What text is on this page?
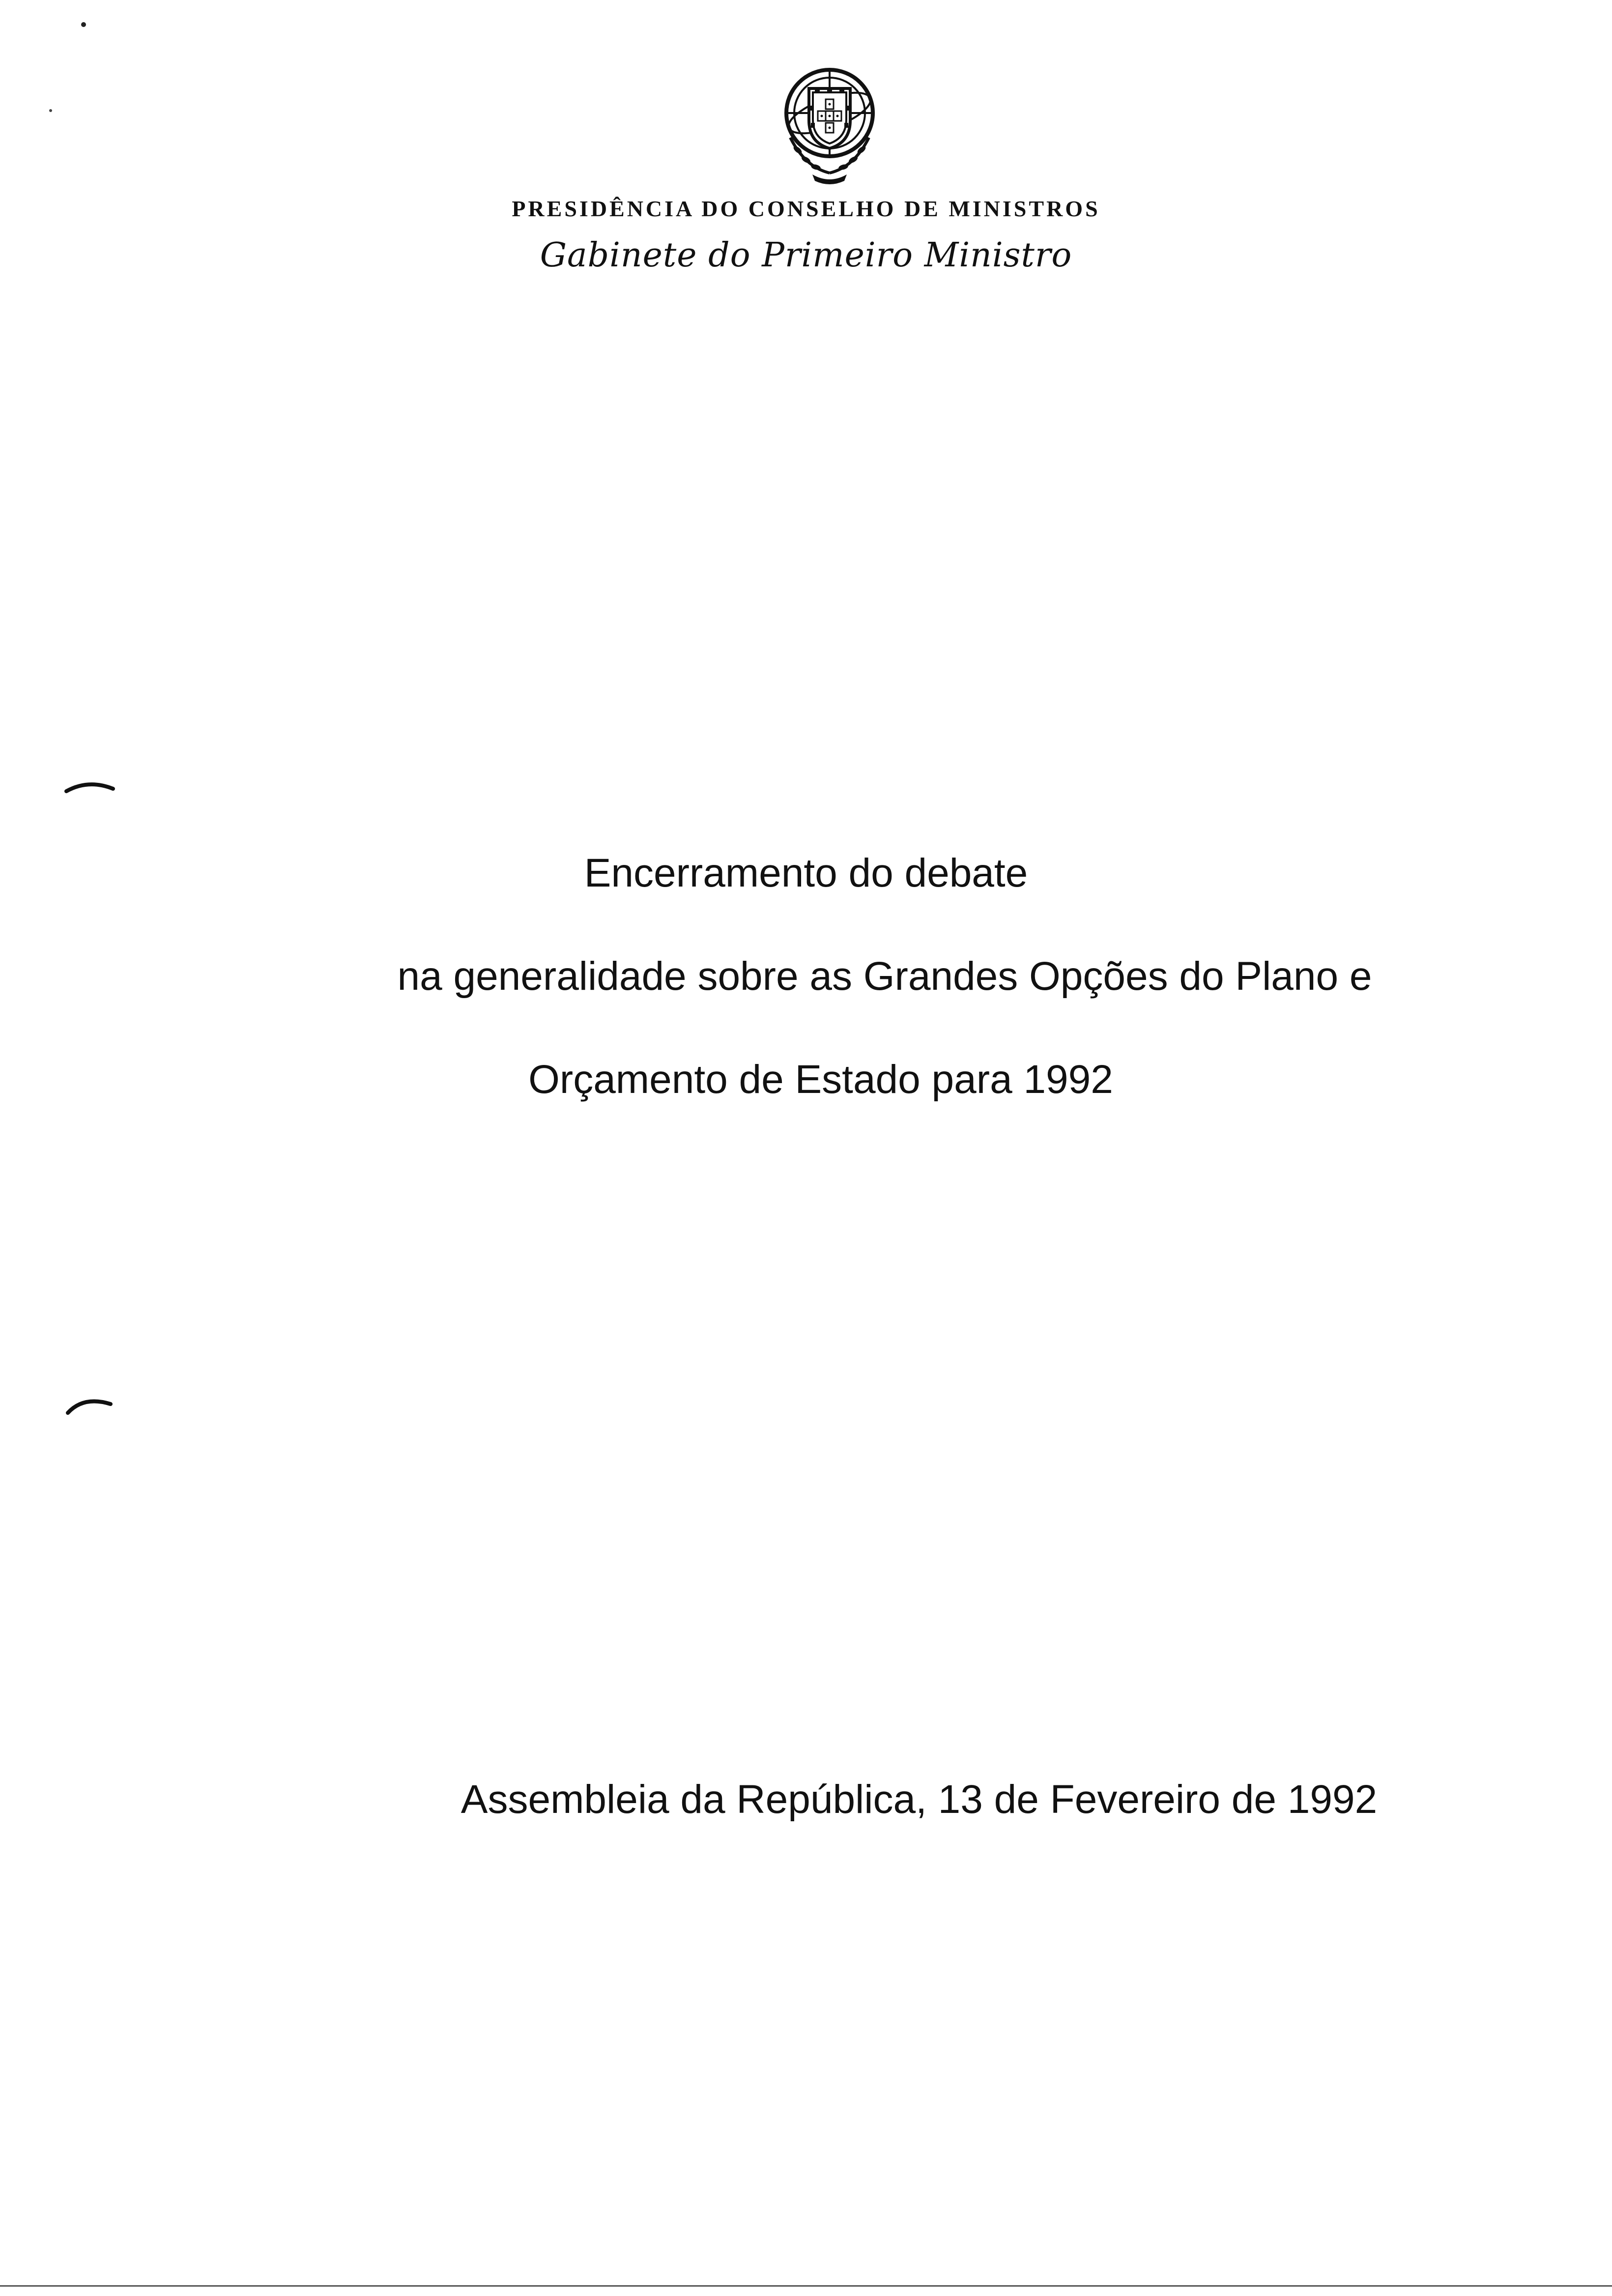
PRESIDÊNCIA DO CONSELHO DE MINISTROS
Gabinete do Primeiro Ministro
Encerramento do debate
na generalidade sobre as Grandes Opções do Plano e
Orçamento de Estado para 1992
Assembleia da República, 13 de Fevereiro de 1992
